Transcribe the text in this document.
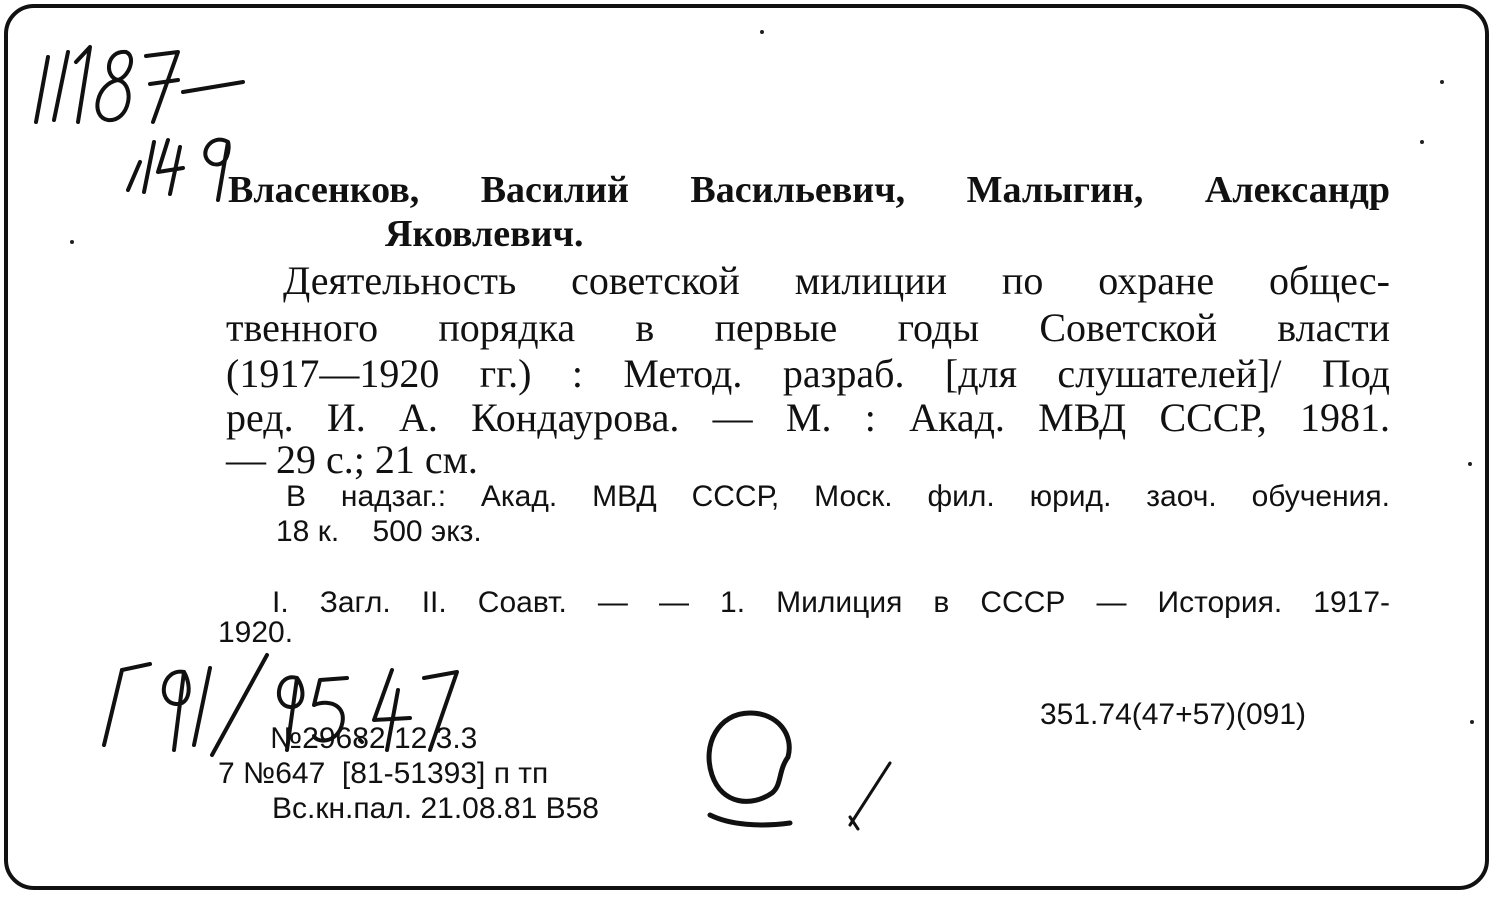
Власенков, Василий Васильевич, Малыгин, Александр
Яковлевич.
Деятельность советской милиции по охране общес-
твенного порядка в первые годы Советской власти
(1917—1920 гг.) : Метод. разраб. [для слушателей]/ Под
ред. И. А. Кондаурова. — М. : Акад. МВД СССР, 1981.
— 29 с.; 21 см.
В надзаг.: Акад. МВД СССР, Моск. фил. юрид. заоч. обучения.
18 к.    500 экз.
I. Загл. II. Соавт. — — 1. Милиция в СССР — История. 1917-
1920.
351.74(47+57)(091)
№29682 12.3.3
7 №647  [81-51393] п тп
Вс.кн.пал. 21.08.81 В58
